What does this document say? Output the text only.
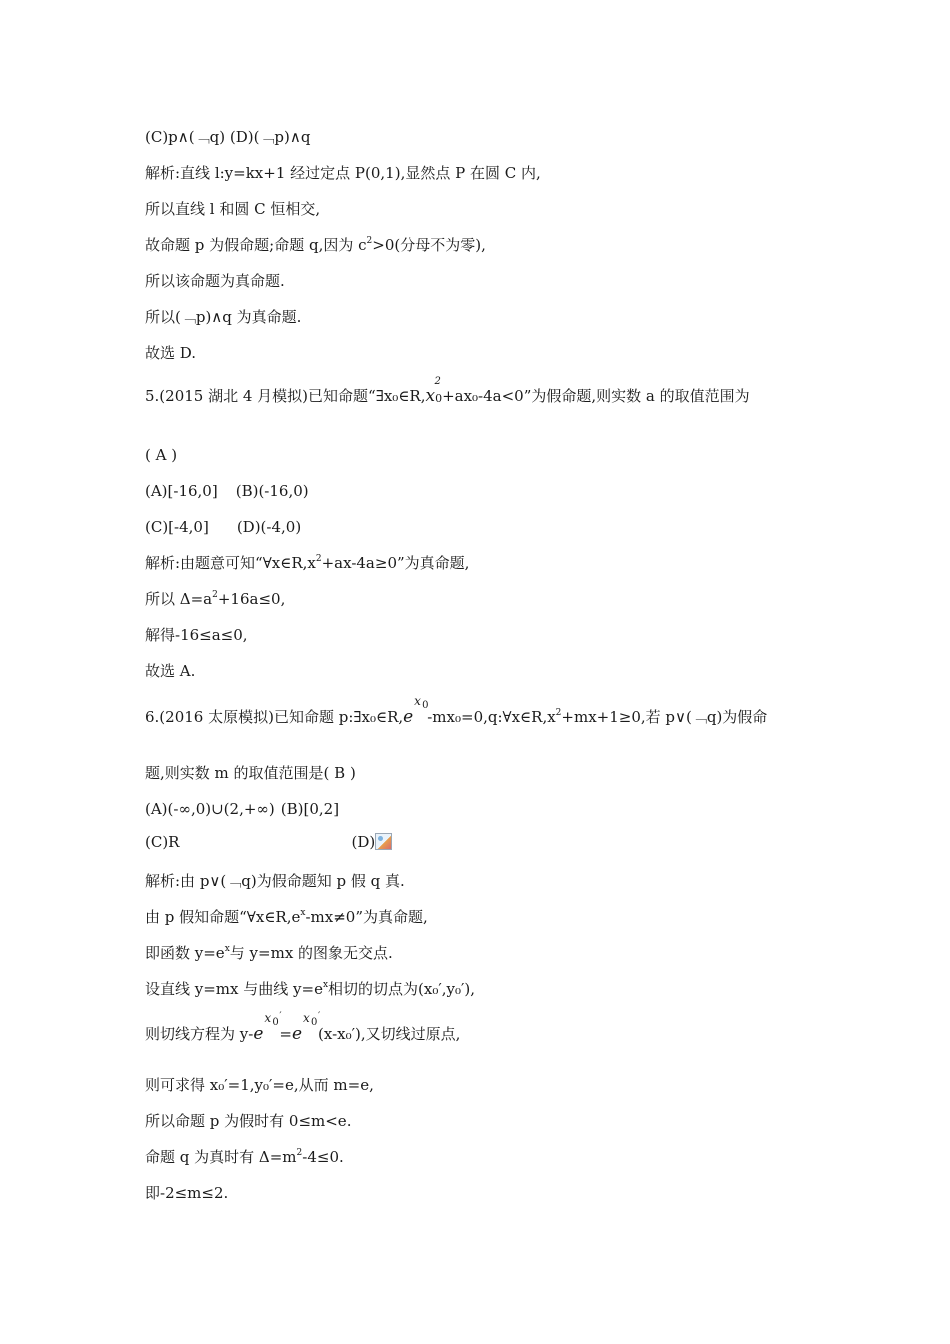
(C)p∧(﹁q) (D)(﹁p)∧q
解析:直线 l:y=kx+1 经过定点 P(0,1),显然点 P 在圆 C 内,
所以直线 l 和圆 C 恒相交,
故命题 p 为假命题;命题 q,因为 $c^2>0$(分母不为零),
所以该命题为真命题.
所以(﹁p)∧q 为真命题.
故选 D.
5.(2015 湖北 4 月模拟)已知命题“∃x₀∈R,x
2
0+ax₀-4a<0”为假命题,则实数 a 的取值范围为
( A )
(A)[-16,0] (B)(-16,0)
(C)[-4,0] (D)(-4,0)
解析:由题意可知“$\forall x\in R,x^2+ax-4a\ge 0$”为真命题,
所以 $\Delta=a^2+16a\le 0$,
解得-16≤a≤0,
故选 A.
6.(2016 太原模拟)已知命题 p:∃x₀∈R,e
x 0
$-mx_0=0,q:\forall x\in R,x^2+mx+1\ge 0$,若 p∨(﹁q)为假命
题,则实数 m 的取值范围是( B )
(A)(-∞,0)∪(2,+∞) (B)[0,2]
(C)R	(D)
解析:由 p∨(﹁q)为假命题知 p 假 q 真.
由 p 假知命题“$\forall x\in R,e^x-mx\ne 0$”为真命题,
即函数 $y=e^x$与 y=mx 的图象无交点.
设直线 y=mx 与曲线 $y=e^x$相切的切点为(x₀′,y₀′),
则切线方程为 y-e
x 0
′
=e
x 0
′
(x-x₀′),又切线过原点,
则可求得 x₀′=1,y₀′=e,从而 m=e,
所以命题 p 为假时有 0≤m<e.
命题 q 为真时有 $\Delta=m^2-4\le 0$.
即-2≤m≤2.
